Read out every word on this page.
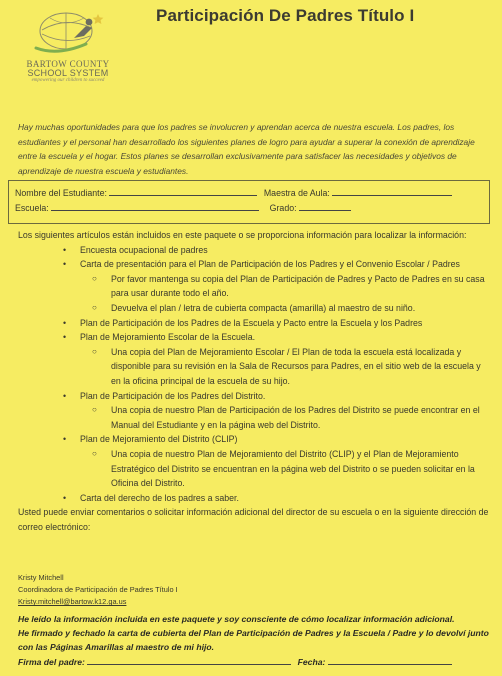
BARTOW COUNTY
SCHOOL SYSTEM
empowering our children to succeed
Participación De Padres Título I
Hay muchas oportunidades para que los padres se involucren y aprendan acerca de nuestra escuela. Los padres, los estudiantes y el personal han desarrollado los siguientes planes de logro para ayudar a superar la conexión de aprendizaje entre la escuela y el hogar. Estos planes se desarrollan exclusivamente para satisfacer las necesidades y objetivos de aprendizaje de nuestra escuela y estudiantes.
Nombre del Estudiante:	Maestra de Aula:
Escuela:	Grado:

Los siguientes artículos están incluidos en este paquete o se proporciona información para localizar la información:

• Encuesta ocupacional de padres
• Carta de presentación para el Plan de Participación de los Padres y el Convenio Escolar / Padres
○ Por favor mantenga su copia del Plan de Participación de Padres y Pacto de Padres en su casa para usar durante todo el año.
○ Devuelva el plan / letra de cubierta compacta (amarilla) al maestro de su niño.
• Plan de Participación de los Padres de la Escuela y Pacto entre la Escuela y los Padres
• Plan de Mejoramiento Escolar de la Escuela.
○ Una copia del Plan de Mejoramiento Escolar / El Plan de toda la escuela está localizada y disponible para su revisión en la Sala de Recursos para Padres, en el sitio web de la escuela y en la oficina principal de la escuela de su hijo.
• Plan de Participación de los Padres del Distrito.
○ Una copia de nuestro Plan de Participación de los Padres del Distrito se puede encontrar en el Manual del Estudiante y en la página web del Distrito.
• Plan de Mejoramiento del Distrito (CLIP)
○ Una copia de nuestro Plan de Mejoramiento del Distrito (CLIP) y el Plan de Mejoramiento Estratégico del Distrito se encuentran en la página web del Distrito o se pueden solicitar en la Oficina del Distrito.
• Carta del derecho de los padres a saber.

Usted puede enviar comentarios o solicitar información adicional del director de su escuela o en la siguiente dirección de correo electrónico:

Kristy Mitchell
Coordinadora de Participación de Padres Título I
Kristy.mitchell@bartow.k12.ga.us
He leído la información incluida en este paquete y soy consciente de cómo localizar información adicional.
He firmado y fechado la carta de cubierta del Plan de Participación de Padres y la Escuela / Padre y lo devolví junto con las Páginas Amarillas al maestro de mi hijo.
Firma del padre:	Fecha:
